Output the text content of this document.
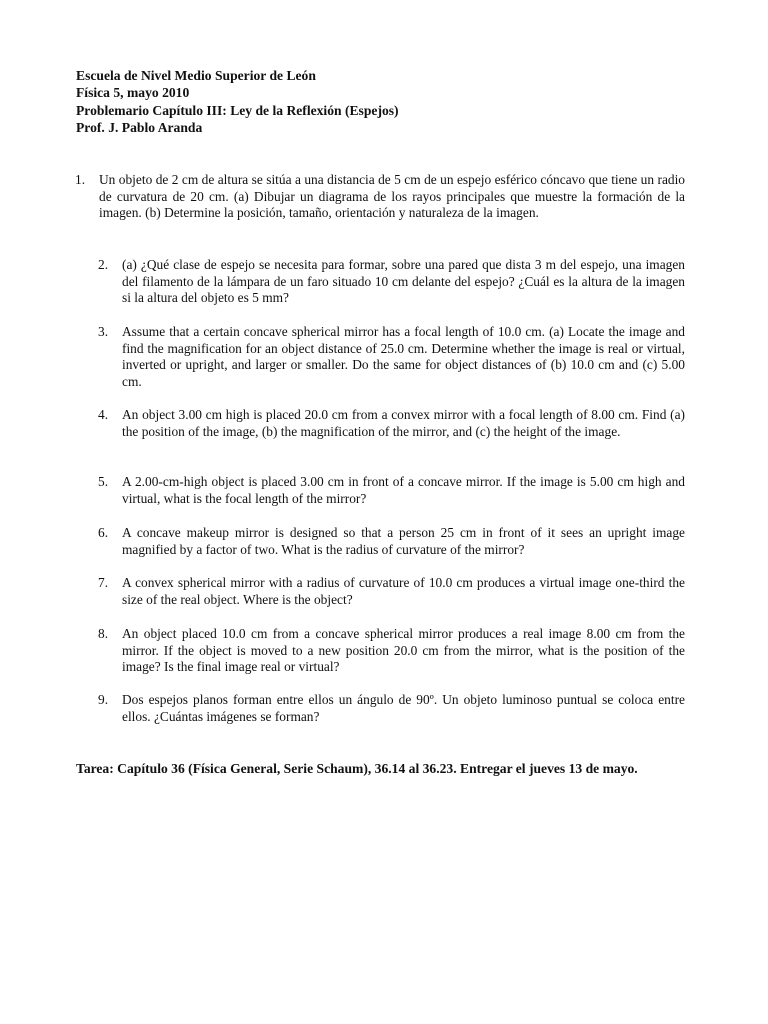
Escuela de Nivel Medio Superior de León
Física 5, mayo 2010
Problemario Capítulo III: Ley de la Reflexión (Espejos)
Prof. J. Pablo Aranda
1. Un objeto de 2 cm de altura se sitúa a una distancia de 5 cm de un espejo esférico cóncavo que tiene un radio de curvatura de 20 cm. (a) Dibujar un diagrama de los rayos principales que muestre la formación de la imagen. (b) Determine la posición, tamaño, orientación y naturaleza de la imagen.
2. (a) ¿Qué clase de espejo se necesita para formar, sobre una pared que dista 3 m del espejo, una imagen del filamento de la lámpara de un faro situado 10 cm delante del espejo? ¿Cuál es la altura de la imagen si la altura del objeto es 5 mm?
3. Assume that a certain concave spherical mirror has a focal length of 10.0 cm. (a) Locate the image and find the magnification for an object distance of 25.0 cm. Determine whether the image is real or virtual, inverted or upright, and larger or smaller. Do the same for object distances of (b) 10.0 cm and (c) 5.00 cm.
4. An object 3.00 cm high is placed 20.0 cm from a convex mirror with a focal length of 8.00 cm. Find (a) the position of the image, (b) the magnification of the mirror, and (c) the height of the image.
5. A 2.00-cm-high object is placed 3.00 cm in front of a concave mirror. If the image is 5.00 cm high and virtual, what is the focal length of the mirror?
6. A concave makeup mirror is designed so that a person 25 cm in front of it sees an upright image magnified by a factor of two. What is the radius of curvature of the mirror?
7. A convex spherical mirror with a radius of curvature of 10.0 cm produces a virtual image one-third the size of the real object. Where is the object?
8. An object placed 10.0 cm from a concave spherical mirror produces a real image 8.00 cm from the mirror. If the object is moved to a new position 20.0 cm from the mirror, what is the position of the image? Is the final image real or virtual?
9. Dos espejos planos forman entre ellos un ángulo de 90º. Un objeto luminoso puntual se coloca entre ellos. ¿Cuántas imágenes se forman?
Tarea: Capítulo 36 (Física General, Serie Schaum), 36.14 al 36.23. Entregar el jueves 13 de mayo.
